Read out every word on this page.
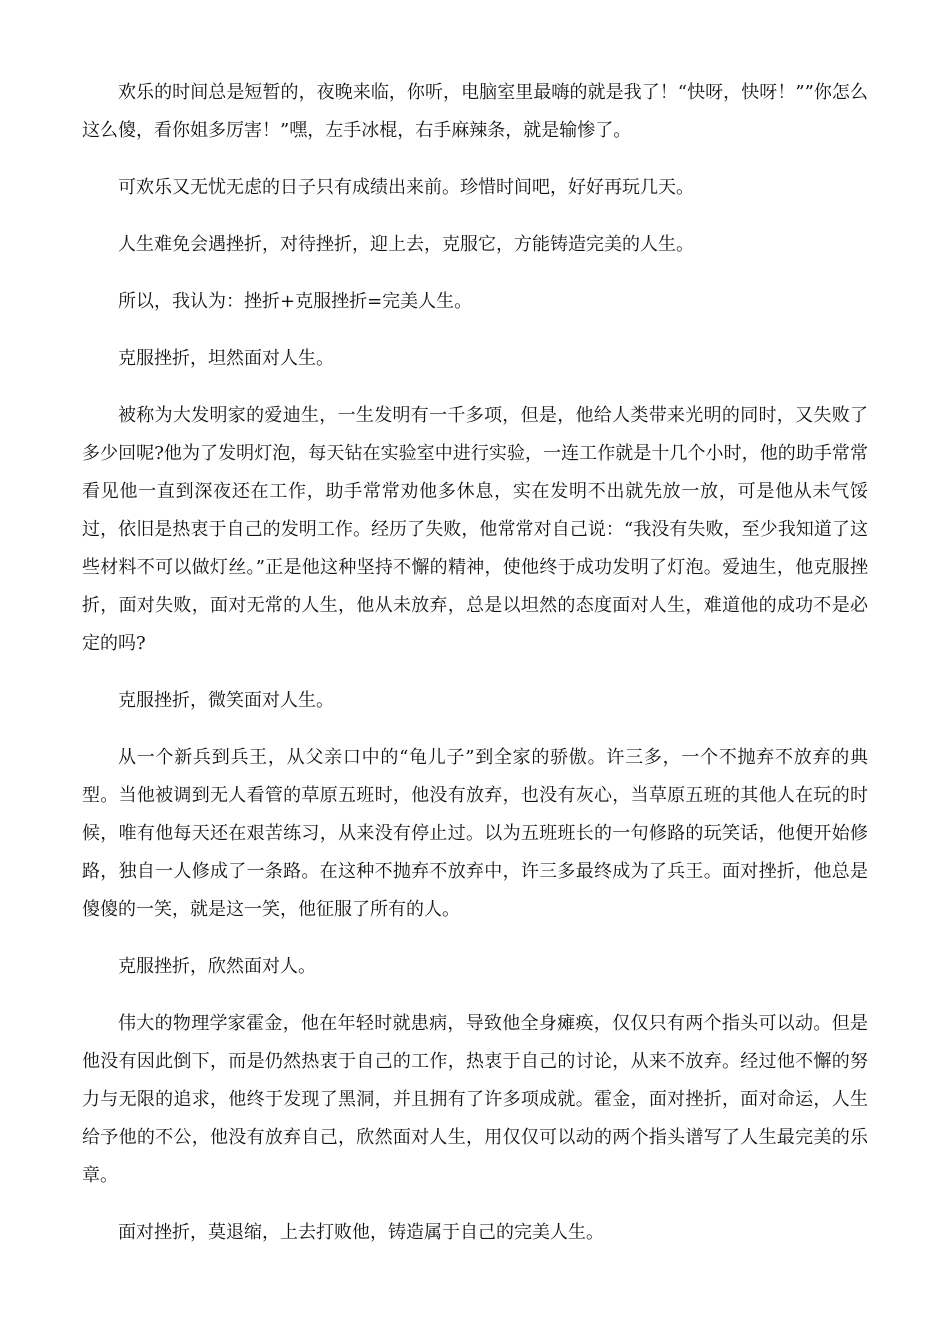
欢乐的时间总是短暂的，夜晚来临，你听，电脑室里最嗨的就是我了！“快呀，快呀！””你怎么这么傻，看你姐多厉害！”嘿，左手冰棍，右手麻辣条，就是输惨了。

可欢乐又无忧无虑的日子只有成绩出来前。珍惜时间吧，好好再玩几天。

人生难免会遇挫折，对待挫折，迎上去，克服它，方能铸造完美的人生。

所以，我认为：挫折+克服挫折=完美人生。

克服挫折，坦然面对人生。

被称为大发明家的爱迪生，一生发明有一千多项，但是，他给人类带来光明的同时，又失败了多少回呢?他为了发明灯泡，每天钻在实验室中进行实验，一连工作就是十几个小时，他的助手常常看见他一直到深夜还在工作，助手常常劝他多休息，实在发明不出就先放一放，可是他从未气馁过，依旧是热衷于自己的发明工作。经历了失败，他常常对自己说：“我没有失败，至少我知道了这些材料不可以做灯丝。”正是他这种坚持不懈的精神，使他终于成功发明了灯泡。爱迪生，他克服挫折，面对失败，面对无常的人生，他从未放弃，总是以坦然的态度面对人生，难道他的成功不是必定的吗?

克服挫折，微笑面对人生。

从一个新兵到兵王，从父亲口中的“龟儿子”到全家的骄傲。许三多，一个不抛弃不放弃的典型。当他被调到无人看管的草原五班时，他没有放弃，也没有灰心，当草原五班的其他人在玩的时候，唯有他每天还在艰苦练习，从来没有停止过。以为五班班长的一句修路的玩笑话，他便开始修路，独自一人修成了一条路。在这种不抛弃不放弃中，许三多最终成为了兵王。面对挫折，他总是傻傻的一笑，就是这一笑，他征服了所有的人。

克服挫折，欣然面对人。

伟大的物理学家霍金，他在年轻时就患病，导致他全身瘫痪，仅仅只有两个指头可以动。但是他没有因此倒下，而是仍然热衷于自己的工作，热衷于自己的讨论，从来不放弃。经过他不懈的努力与无限的追求，他终于发现了黑洞，并且拥有了许多项成就。霍金，面对挫折，面对命运，人生给予他的不公，他没有放弃自己，欣然面对人生，用仅仅可以动的两个指头谱写了人生最完美的乐章。

面对挫折，莫退缩，上去打败他，铸造属于自己的完美人生。
